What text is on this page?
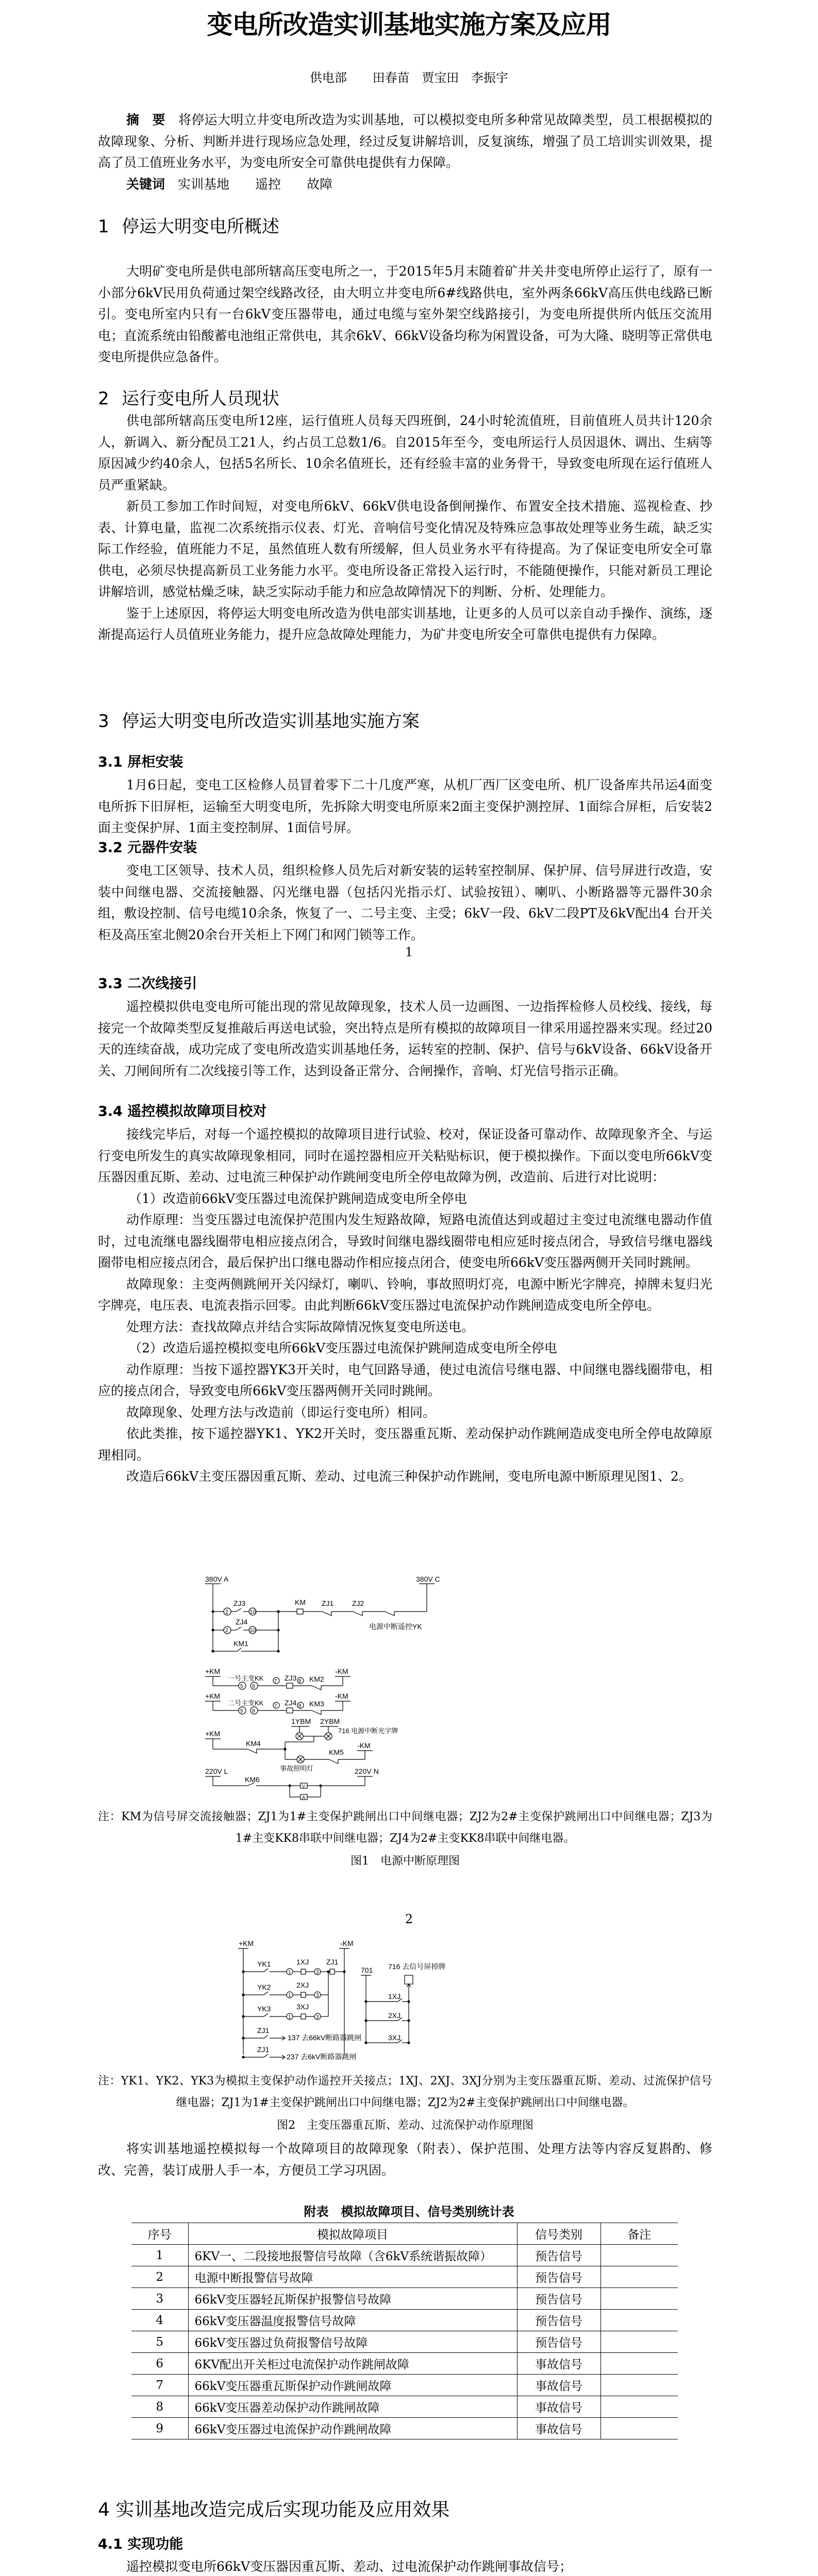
变电所改造实训基地实施方案及应用
供电部 田春苗 贾宝田 李振宇

摘　要　 将停运大明立井变电所改造为实训基地，可以模拟变电所多种常见故障类型，员工根据模拟的故障现象、分析、判断并进行现场应急处理，经过反复讲解培训，反复演练，增强了员工培训实训效果，提高了员工值班业务水平，为变电所安全可靠供电提供有力保障。

关键词　 实训基地　　 遥控　　 故障

1 停运大明变电所概述

大明矿变电所是供电部所辖高压变电所之一，于2015年5月末随着矿井关井变电所停止运行了，原有一小部分6kV民用负荷通过架空线路改径，由大明立井变电所6#线路供电，室外两条66kV高压供电线路已断引。变电所室内只有一台6kV变压器带电，通过电缆与室外架空线路接引，为变电所提供所内低压交流用电；直流系统由铅酸蓄电池组正常供电，其余6kV、66kV设备均称为闲置设备，可为大隆、晓明等正常供电变电所提供应急备件。

2 运行变电所人员现状

供电部所辖高压变电所12座，运行值班人员每天四班倒，24小时轮流值班，目前值班人员共计120余人，新调入、新分配员工21人，约占员工总数1/6。自2015年至今，变电所运行人员因退休、调出、生病等原因减少约40余人，包括5名所长、10余名值班长，还有经验丰富的业务骨干，导致变电所现在运行值班人员严重紧缺。

新员工参加工作时间短，对变电所6kV、66kV供电设备倒闸操作、布置安全技术措施、巡视检查、抄表、计算电量，监视二次系统指示仪表、灯光、音响信号变化情况及特殊应急事故处理等业务生疏，缺乏实际工作经验，值班能力不足，虽然值班人数有所缓解，但人员业务水平有待提高。为了保证变电所安全可靠供电，必须尽快提高新员工业务能力水平。变电所设备正常投入运行时，不能随便操作，只能对新员工理论讲解培训，感觉枯燥乏味，缺乏实际动手能力和应急故障情况下的判断、分析、处理能力。

鉴于上述原因，将停运大明变电所改造为供电部实训基地，让更多的人员可以亲自动手操作、演练，逐渐提高运行人员值班业务能力，提升应急故障处理能力，为矿井变电所安全可靠供电提供有力保障。

3 停运大明变电所改造实训基地实施方案
3.1 屏柜安装

1月6日起，变电工区检修人员冒着零下二十几度严寒，从机厂西厂区变电所、机厂设备库共吊运4面变电所拆下旧屏柜，运输至大明变电所，先拆除大明变电所原来2面主变保护测控屏、1面综合屏柜，后安装2面主变保护屏、1面主变控制屏、1面信号屏。

3.2 元器件安装

变电工区领导、技术人员，组织检修人员先后对新安装的运转室控制屏、保护屏、信号屏进行改造，安装中间继电器、交流接触器、闪光继电器（包括闪光指示灯、试验按钮）、喇叭、小断路器等元器件30余组，敷设控制、信号电缆10余条，恢复了一、二号主变、主受；6kV一段、6kV二段PT及6kV配出4 台开关柜及高压室北侧20余台开关柜上下网门和网门锁等工作。

1
3.3 二次线接引

遥控模拟供电变电所可能出现的常见故障现象，技术人员一边画图、一边指挥检修人员校线、接线，每接完一个故障类型反复推敲后再送电试验，突出特点是所有模拟的故障项目一律采用遥控器来实现。经过20天的连续奋战，成功完成了变电所改造实训基地任务，运转室的控制、保护、信号与6kV设备、66kV设备开关、刀闸间所有二次线接引等工作，达到设备正常分、合闸操作，音响、灯光信号指示正确。

3.4 遥控模拟故障项目校对

接线完毕后，对每一个遥控模拟的故障项目进行试验、校对，保证设备可靠动作、故障现象齐全、与运行变电所发生的真实故障现象相同，同时在遥控器相应开关粘贴标识，便于模拟操作。下面以变电所66kV变压器因重瓦斯、差动、过电流三种保护动作跳闸变电所全停电故障为例，改造前、后进行对比说明：

（1）改造前66kV变压器过电流保护跳闸造成变电所全停电

动作原理：当变压器过电流保护范围内发生短路故障，短路电流值达到或超过主变过电流继电器动作值时，过电流继电器线圈带电相应接点闭合，导致时间继电器线圈带电相应延时接点闭合，导致信号继电器线圈带电相应接点闭合，最后保护出口继电器动作相应接点闭合，使变电所66kV变压器两侧开关同时跳闸。

故障现象：主变两侧跳闸开关闪绿灯，喇叭、铃响，事故照明灯亮，电源中断光字牌亮，掉牌未复归光字牌亮，电压表、电流表指示回零。由此判断66kV变压器过电流保护动作跳闸造成变电所全停电。

处理方法：查找故障点并结合实际故障情况恢复变电所送电。

（2）改造后遥控模拟变电所66kV变压器过电流保护跳闸造成变电所全停电

动作原理：当按下遥控器YK3开关时，电气回路导通，使过电流信号继电器、中间继电器线圈带电，相应的接点闭合，导致变电所66kV变压器两侧开关同时跳闸。

故障现象、处理方法与改造前（即运行变电所）相同。

依此类推，按下遥控器YK1、YK2开关时，变压器重瓦斯、差动保护动作跳闸造成变电所全停电故障原理相同。

改造后66kV主变压器因重瓦斯、差动、过电流三种保护动作跳闸，变电所电源中断原理见图1、2。

380V A	380V C
ZJ3
ZJ4
KM ZJ1	ZJ2
KM1
电源中断遥控YK
2	10
2	10
+KM	-KM
一号主变KK	ZJ3 KM2
5 8
7	8
+KM	-KM
二号主变KK	ZJ4 KM3
5 8
7	8
+KM
KM4
1YBM 2YBM
716 电源中断光字牌
-KM
KM5
事故照明灯
220V L
KM6
220V N
V
A
注：KM为信号屏交流接触器；ZJ1为1#主变保护跳闸出口中间继电器；ZJ2为2#主变保护跳闸出口中间继电器；ZJ3为1#主变KK8串联中间继电器；ZJ4为2#主变KK8串联中间继电器。
图1　电源中断原理图
2
+KM	-KM
YK1
YK2
YK3
1XJ
2XJ
3XJ
ZJ1
ZJ1
ZJ1
137 去66kV断路器跳闸
237 去6kV断路器跳闸
701 716 去信号屏掉牌
1XJ
2XJ
3XJ
1	3
1	3
1	3
注：YK1、YK2、YK3为模拟主变保护动作遥控开关接点；1XJ、2XJ、3XJ分别为主变压器重瓦斯、差动、过流保护信号继电器；ZJ1为1#主变保护跳闸出口中间继电器；ZJ2为2#主变保护跳闸出口中间继电器。
图2　主变压器重瓦斯、差动、过流保护动作原理图

将实训基地遥控模拟每一个故障项目的故障现象（附表）、保护范围、处理方法等内容反复斟酌、修改、完善，装订成册人手一本，方便员工学习巩固。

附表　模拟故障项目、信号类别统计表
序号	模拟故障项目	信号类别	备注
1	6KV一、二段接地报警信号故障（含6kV系统谐振故障）	预告信号	
2	电源中断报警信号故障	预告信号	
3	66kV变压器轻瓦斯保护报警信号故障	预告信号	
4	66kV变压器温度报警信号故障	预告信号	
5	66kV变压器过负荷报警信号故障	预告信号	
6	6KV配出开关柜过电流保护动作跳闸故障	事故信号	
7	66kV变压器重瓦斯保护动作跳闸故障	事故信号	
8	66kV变压器差动保护动作跳闸故障	事故信号	
9	66kV变压器过电流保护动作跳闸故障	事故信号	
4 实训基地改造完成后实现功能及应用效果
4.1 实现功能

遥控模拟变电所66kV变压器因重瓦斯、差动、过电流保护动作跳闸事故信号；
